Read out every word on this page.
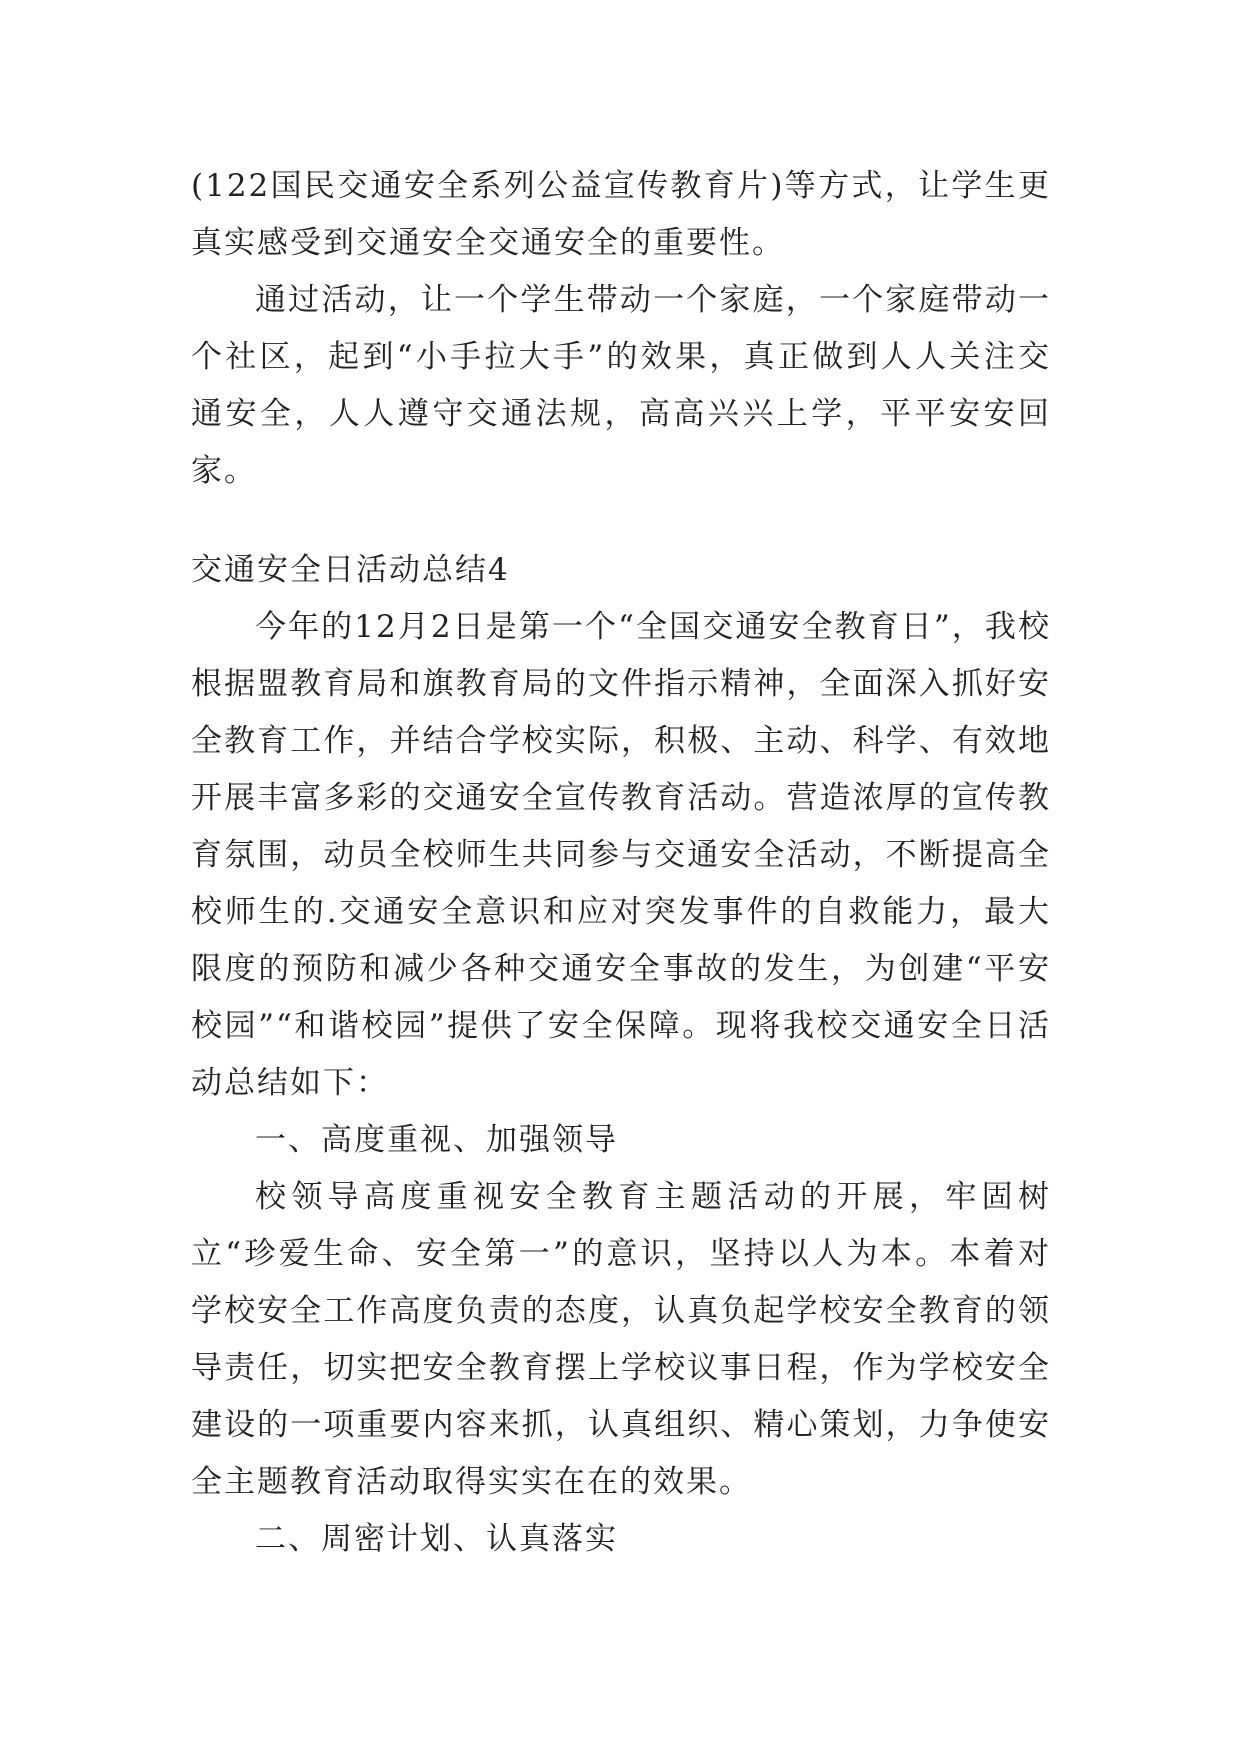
(122国民交通安全系列公益宣传教育片)等方式，让学生更真实感受到交通安全交通安全的重要性。

通过活动，让一个学生带动一个家庭，一个家庭带动一个社区，起到“小手拉大手”的效果，真正做到人人关注交通安全，人人遵守交通法规，高高兴兴上学，平平安安回家。

交通安全日活动总结4

今年的12月2日是第一个“全国交通安全教育日”，我校根据盟教育局和旗教育局的文件指示精神，全面深入抓好安全教育工作，并结合学校实际，积极、主动、科学、有效地开展丰富多彩的交通安全宣传教育活动。营造浓厚的宣传教育氛围，动员全校师生共同参与交通安全活动，不断提高全校师生的.交通安全意识和应对突发事件的自救能力，最大限度的预防和减少各种交通安全事故的发生，为创建“平安校园”“和谐校园”提供了安全保障。现将我校交通安全日活动总结如下：

一、高度重视、加强领导

校领导高度重视安全教育主题活动的开展，牢固树立“珍爱生命、安全第一”的意识，坚持以人为本。本着对学校安全工作高度负责的态度，认真负起学校安全教育的领导责任，切实把安全教育摆上学校议事日程，作为学校安全建设的一项重要内容来抓，认真组织、精心策划，力争使安全主题教育活动取得实实在在的效果。

二、周密计划、认真落实
